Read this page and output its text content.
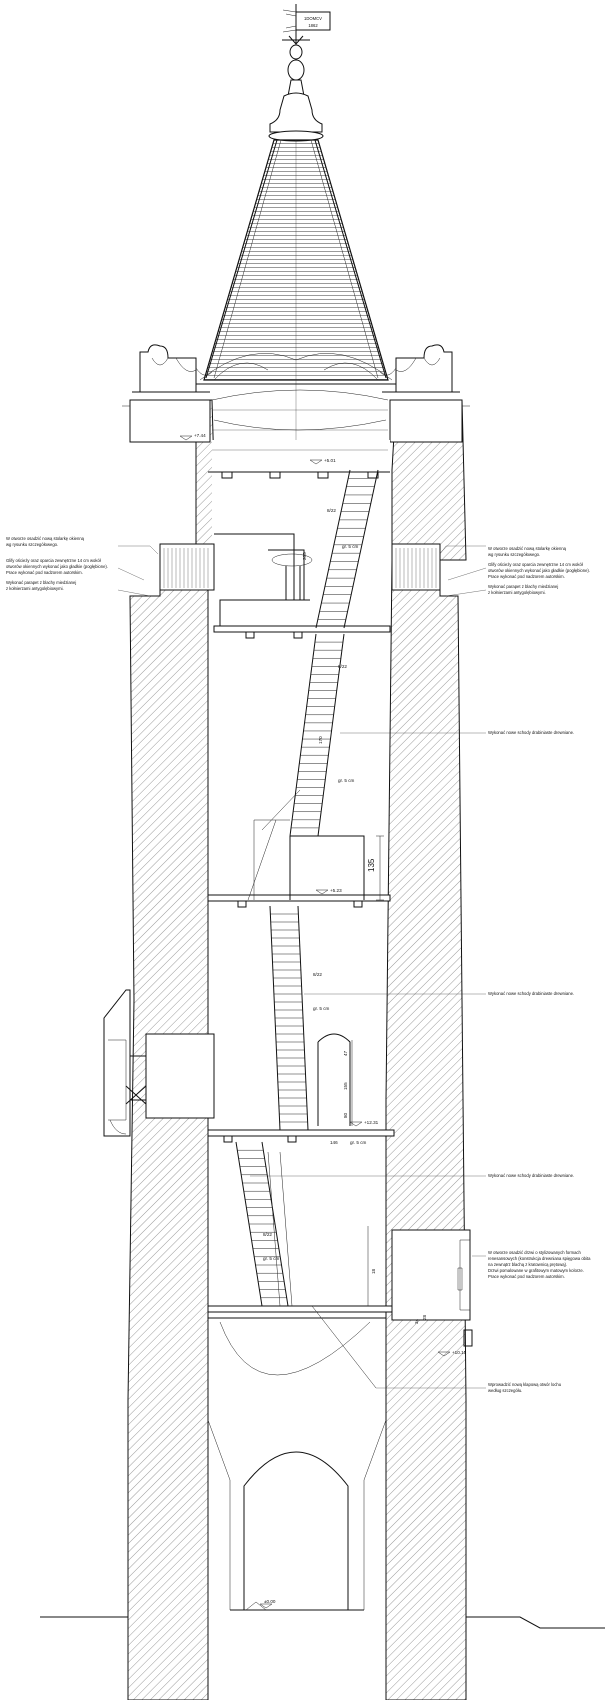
1DOMCV
1862
+7.44
+5.01
+5.23
+12.31
±0.00
+10.15
8/22
gr. 5 cm
205
8/22
gr. 5 cm
170
135
8/22
gr. 5 cm
47
155
80
146	gr. 5 cm
8/22
gr. 5 cm
18
28
34
W otworze osadzić nową stolarkę okienną
wg rysunku szczegółowego.
Glify ościeży oraz oparcia zewnętrzne 14 cm wokół
otworów okiennych wykonać jako gładkie (pogłębione).
Prace wykonać pod nadzorem autorskim.
Wykonać parapet z blachy miedzianej
z kołnierzami antygolębiowymi.
W otworze osadzić nową stolarkę okienną
wg rysunku szczegółowego.
Glify ościeży oraz oparcia zewnętrzne 14 cm wokół
otworów okiennych wykonać jako gładkie (pogłębione).
Prace wykonać pod nadzorem autorskim.
Wykonać parapet z blachy miedzianej
z kołnierzami antygolębiowymi.
Wykonać nowe schody drabiniaste drewniane.
Wykonać nowe schody drabiniaste drewniane.
Wykonać nowe schody drabiniaste drewniane.
W otworze osadzić drzwi o stylizowanych formach
renesansowych (konstrukcja drewniana spięgowa obita
na zewnątrz blachą z kratownicą prętową).
Drzwi pomalowane w grafitowym matowym kolorze.
Prace wykonać pod nadzorem autorskim.
Wprowadzić nową klapową otwór lochu
według szczegółu.
